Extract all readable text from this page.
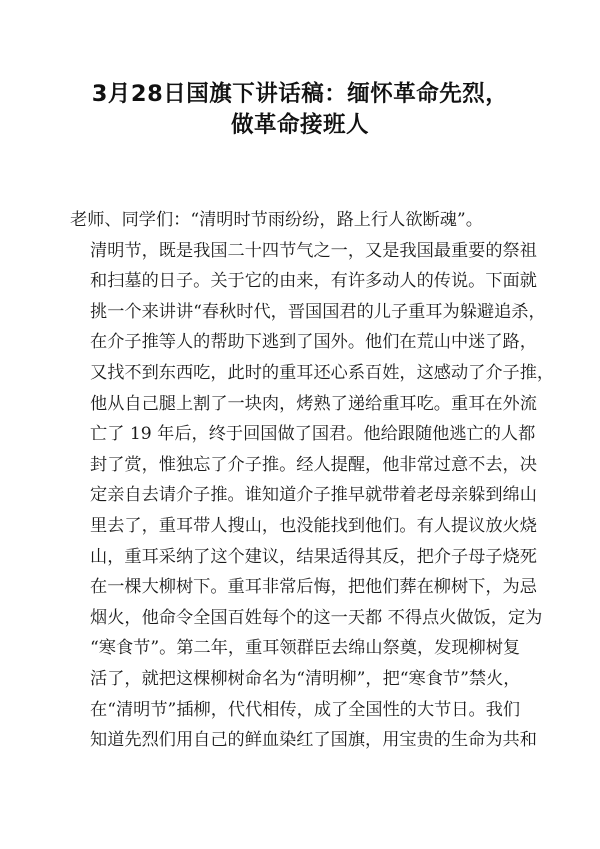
3月28日国旗下讲话稿：缅怀革命先烈，
做革命接班人
老师、同学们：“清明时节雨纷纷，路上行人欲断魂”。
清明节，既是我国二十四节气之一，又是我国最重要的祭祖
和扫墓的日子。关于它的由来，有许多动人的传说。下面就
挑一个来讲讲“春秋时代，晋国国君的儿子重耳为躲避追杀，
在介子推等人的帮助下逃到了国外。他们在荒山中迷了路，
又找不到东西吃，此时的重耳还心系百姓，这感动了介子推，
他从自己腿上割了一块肉，烤熟了递给重耳吃。重耳在外流
亡了 19 年后，终于回国做了国君。他给跟随他逃亡的人都
封了赏，惟独忘了介子推。经人提醒，他非常过意不去，决
定亲自去请介子推。谁知道介子推早就带着老母亲躲到绵山
里去了，重耳带人搜山，也没能找到他们。有人提议放火烧
山，重耳采纳了这个建议，结果适得其反，把介子母子烧死
在一棵大柳树下。重耳非常后悔，把他们葬在柳树下，为忌
烟火，他命令全国百姓每个的这一天都 不得点火做饭，定为
“寒食节”。第二年，重耳领群臣去绵山祭奠，发现柳树复
活了，就把这棵柳树命名为“清明柳”，把“寒食节”禁火，
在“清明节”插柳，代代相传，成了全国性的大节日。我们
知道先烈们用自己的鲜血染红了国旗，用宝贵的生命为共和
